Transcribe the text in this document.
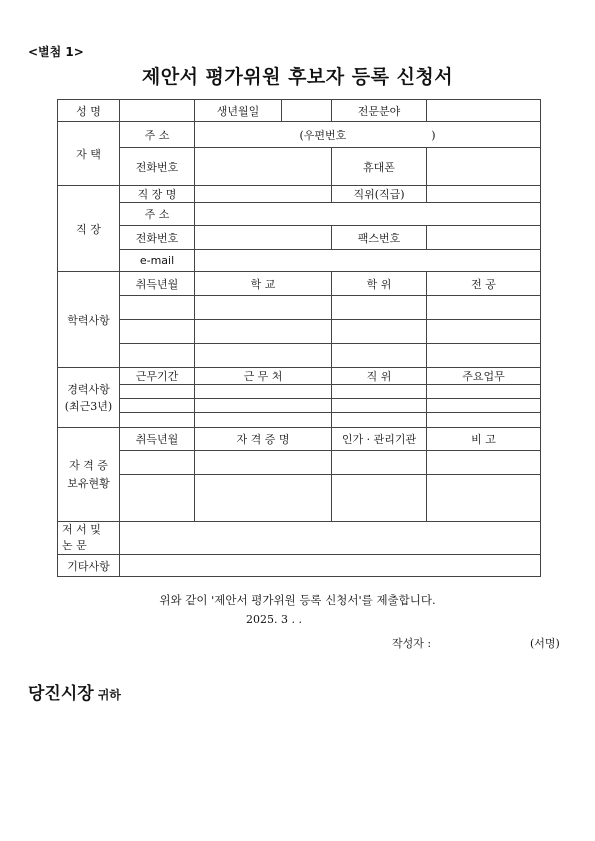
<별첨 1>
제안서 평가위원 후보자 등록 신청서
성 명		생년월일		전문분야	
자 택	주 소	(우편번호 )			
	전화번호			휴대폰	
직 장	직 장 명			직위(직급)	
	주 소				
	전화번호			팩스번호	
	e-mail				
학력사항	취득년월	학 교		학 위	전 공

경력사항
(최근3년)	근무기간	근 무 처		직 위	주요업무

자 격 증
보유현황	취득년월	자 격 증 명		인가 · 관리기관	비 고

저 서 및
논 문					

기타사항					
위와 같이 '제안서 평가위원 등록 신청서'를 제출합니다.
2025. 3 . .
작성자 :	(서명)
당진시장 귀하
